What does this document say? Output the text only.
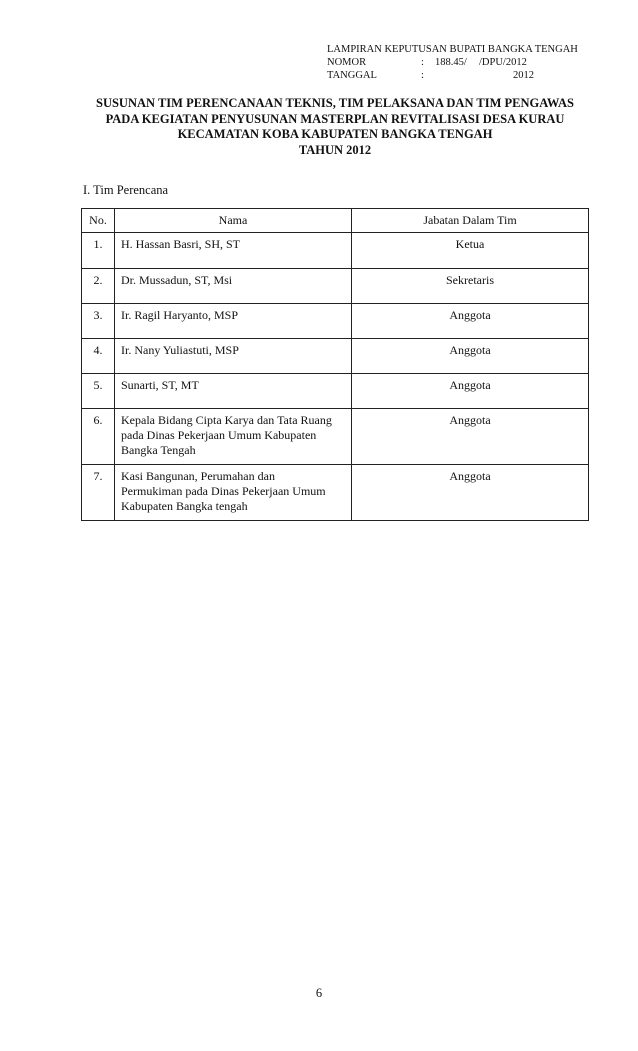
LAMPIRAN KEPUTUSAN BUPATI BANGKA TENGAH
NOMOR	:	188.45/	/DPU/2012
TANGGAL	:	2012
SUSUNAN TIM PERENCANAAN TEKNIS, TIM PELAKSANA DAN TIM PENGAWAS
PADA KEGIATAN PENYUSUNAN MASTERPLAN REVITALISASI DESA KURAU
KECAMATAN KOBA KABUPATEN BANGKA TENGAH
TAHUN 2012
I. Tim Perencana
No.	Nama	Jabatan Dalam Tim
1.	H. Hassan Basri, SH, ST	Ketua
2.	Dr. Mussadun, ST, Msi	Sekretaris
3.	Ir. Ragil Haryanto, MSP	Anggota
4.	Ir. Nany Yuliastuti, MSP	Anggota
5.	Sunarti, ST, MT	Anggota
6.	Kepala Bidang Cipta Karya dan Tata Ruang
pada Dinas Pekerjaan Umum Kabupaten
Bangka Tengah	Anggota
7.	Kasi Bangunan, Perumahan dan
Permukiman pada Dinas Pekerjaan Umum
Kabupaten Bangka tengah	Anggota
6
